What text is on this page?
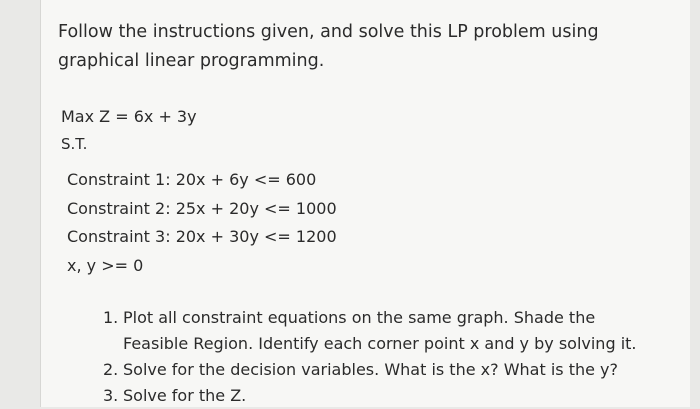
Follow the instructions given, and solve this LP problem using graphical linear programming.

Max Z = 6x + 3y

S.T.

Constraint 1: 20x + 6y <= 600
Constraint 2: 25x + 20y <= 1000
Constraint 3: 20x + 30y <= 1200
x, y >= 0
1. Plot all constraint equations on the same graph. Shade the Feasible Region. Identify each corner point x and y by solving it.
2. Solve for the decision variables. What is the x? What is the y?
3. Solve for the Z.
